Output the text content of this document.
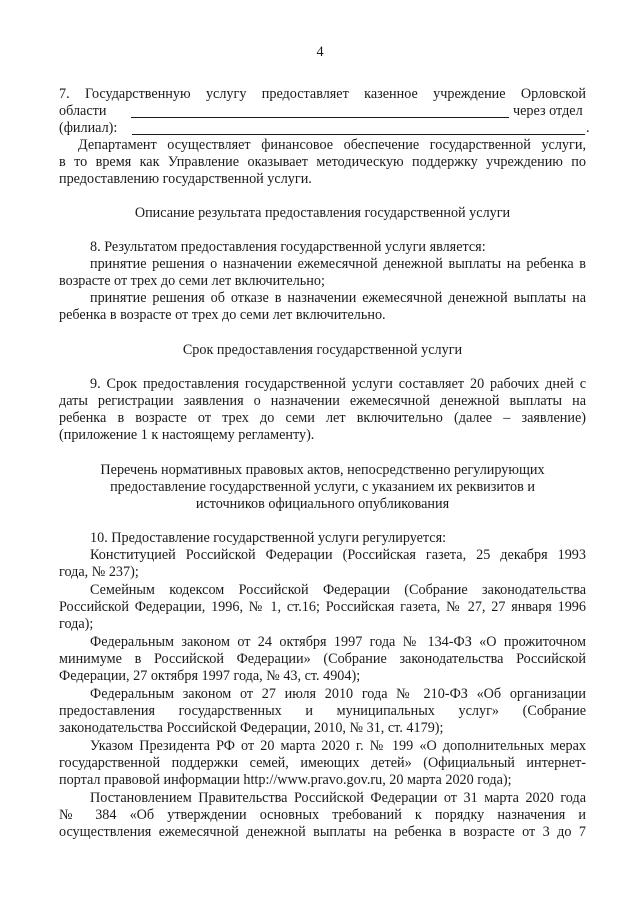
4
7. Государственную услугу предоставляет казенное учреждение Орловской
области	через отдел
(филиал):	.
Департамент осуществляет финансовое обеспечение государственной услуги,
в то время как Управление оказывает методическую поддержку учреждению по
предоставлению государственной услуги.
Описание результата предоставления государственной услуги
8. Результатом предоставления государственной услуги является:
принятие решения о назначении ежемесячной денежной выплаты на ребенка в
возрасте от трех до семи лет включительно;
принятие решения об отказе в назначении ежемесячной денежной выплаты на
ребенка в возрасте от трех до семи лет включительно.
Срок предоставления государственной услуги
9. Срок предоставления государственной услуги составляет 20 рабочих дней с
даты регистрации заявления о назначении ежемесячной денежной выплаты на
ребенка в возрасте от трех до семи лет включительно (далее – заявление)
(приложение 1 к настоящему регламенту).
Перечень нормативных правовых актов, непосредственно регулирующих
предоставление государственной услуги, с указанием их реквизитов и
источников официального опубликования
10. Предоставление государственной услуги регулируется:
Конституцией Российской Федерации (Российская газета, 25 декабря 1993
года, № 237);
Семейным кодексом Российской Федерации (Собрание законодательства
Российской Федерации, 1996, № 1, ст.16; Российская газета, № 27, 27 января 1996
года);
Федеральным законом от 24 октября 1997 года № 134-ФЗ «О прожиточном
минимуме в Российской Федерации» (Собрание законодательства Российской
Федерации, 27 октября 1997 года, № 43, ст. 4904);
Федеральным законом от 27 июля 2010 года № 210-ФЗ «Об организации
предоставления государственных и муниципальных услуг» (Собрание
законодательства Российской Федерации, 2010, № 31, ст. 4179);
Указом Президента РФ от 20 марта 2020 г. № 199 «О дополнительных мерах
государственной поддержки семей, имеющих детей» (Официальный интернет-
портал правовой информации http://www.pravo.gov.ru, 20 марта 2020 года);
Постановлением Правительства Российской Федерации от 31 марта 2020 года
№ 384 «Об утверждении основных требований к порядку назначения и
осуществления ежемесячной денежной выплаты на ребенка в возрасте от 3 до 7
